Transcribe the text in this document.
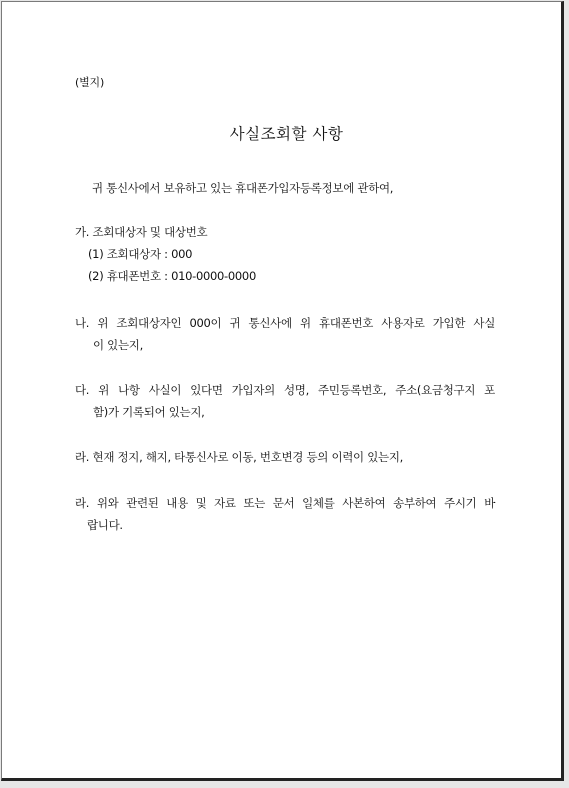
(별지)
사실조회할 사항
귀 통신사에서 보유하고 있는 휴대폰가입자등록정보에 관하여,
가. 조회대상자 및 대상번호
(1) 조회대상자 : 000
(2) 휴대폰번호 : 010-0000-0000
나. 위 조회대상자인 000이 귀 통신사에 위 휴대폰번호 사용자로 가입한 사실
이 있는지,
다. 위 나항 사실이 있다면 가입자의 성명, 주민등록번호, 주소(요금청구지 포
함)가 기록되어 있는지,
라. 현재 정지, 해지, 타통신사로 이동, 번호변경 등의 이력이 있는지,
라. 위와 관련된 내용 및 자료 또는 문서 일체를 사본하여 송부하여 주시기 바
랍니다.
